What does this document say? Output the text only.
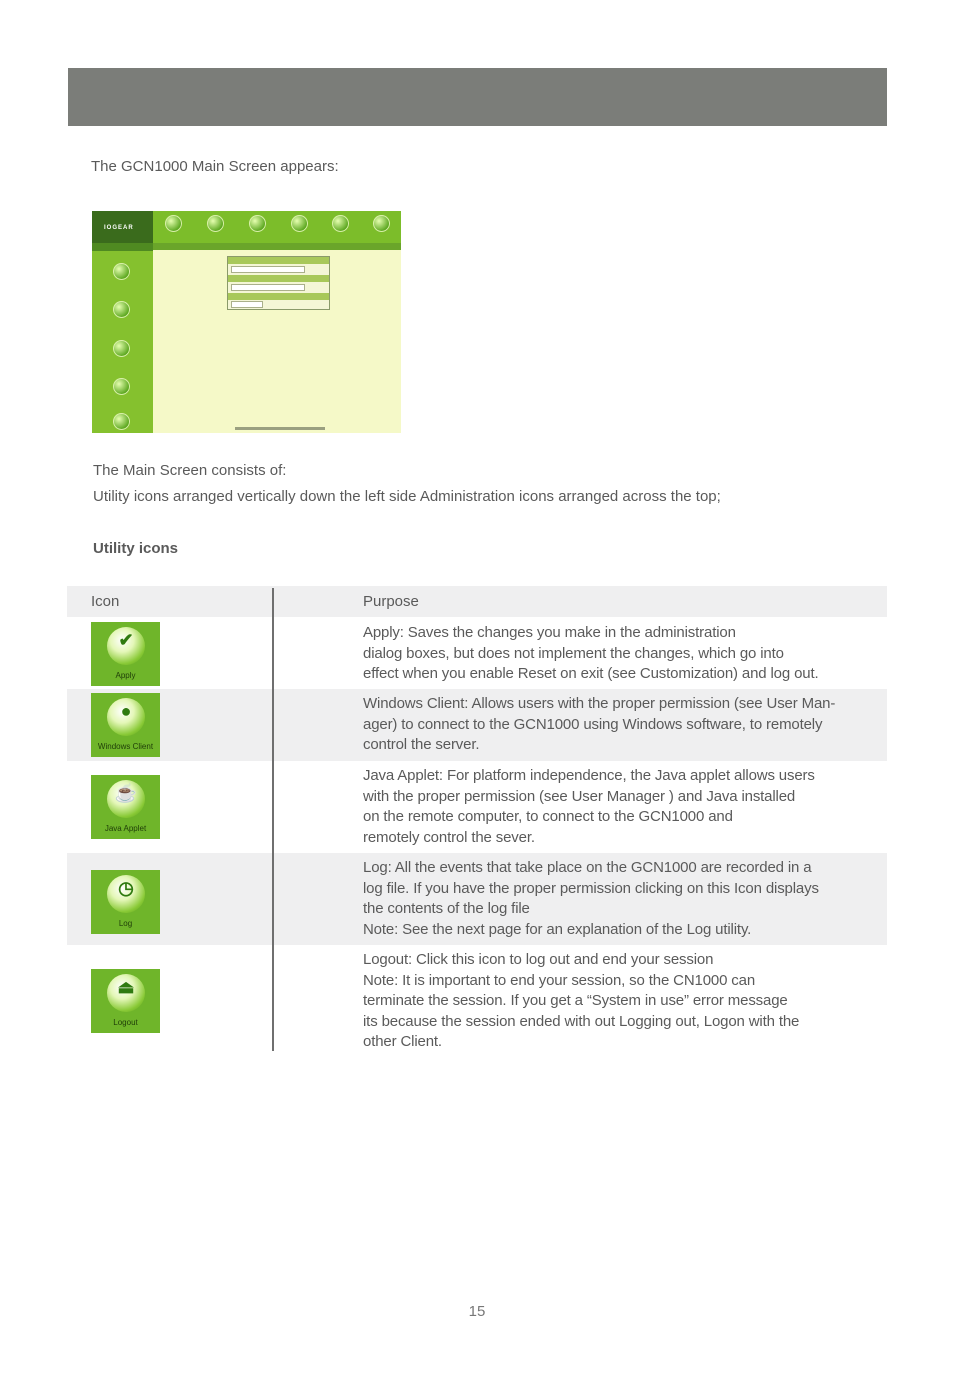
The GCN1000 Main Screen appears:
IOGEAR
The Main Screen consists of:
Utility icons arranged vertically down the left side Administration icons arranged across the top;
Utility icons
Icon	Purpose
✔
Apply
Apply: Saves the changes you make in the administration
dialog boxes, but does not implement the changes, which go into
effect when you enable Reset on exit (see Customization) and log out.
●
Windows Client
Windows Client: Allows users with the proper permission (see User Man-
ager) to connect to the GCN1000 using Windows software, to remotely
control the server.
☕
Java Applet
Java Applet: For platform independence, the Java applet allows users
with the proper permission (see User Manager ) and Java installed
on the remote computer, to connect to the GCN1000 and
remotely control the sever.
◷
Log
Log: All the events that take place on the GCN1000 are recorded in a
log file. If you have the proper permission clicking on this Icon displays
the contents of the log file
Note: See the next page for an explanation of the Log utility.
⏏
Logout
Logout: Click this icon to log out and end your session
Note: It is important to end your session, so the CN1000 can
terminate the session. If you get a “System in use” error message
its because the session ended with out Logging out, Logon with the
other Client.
15
